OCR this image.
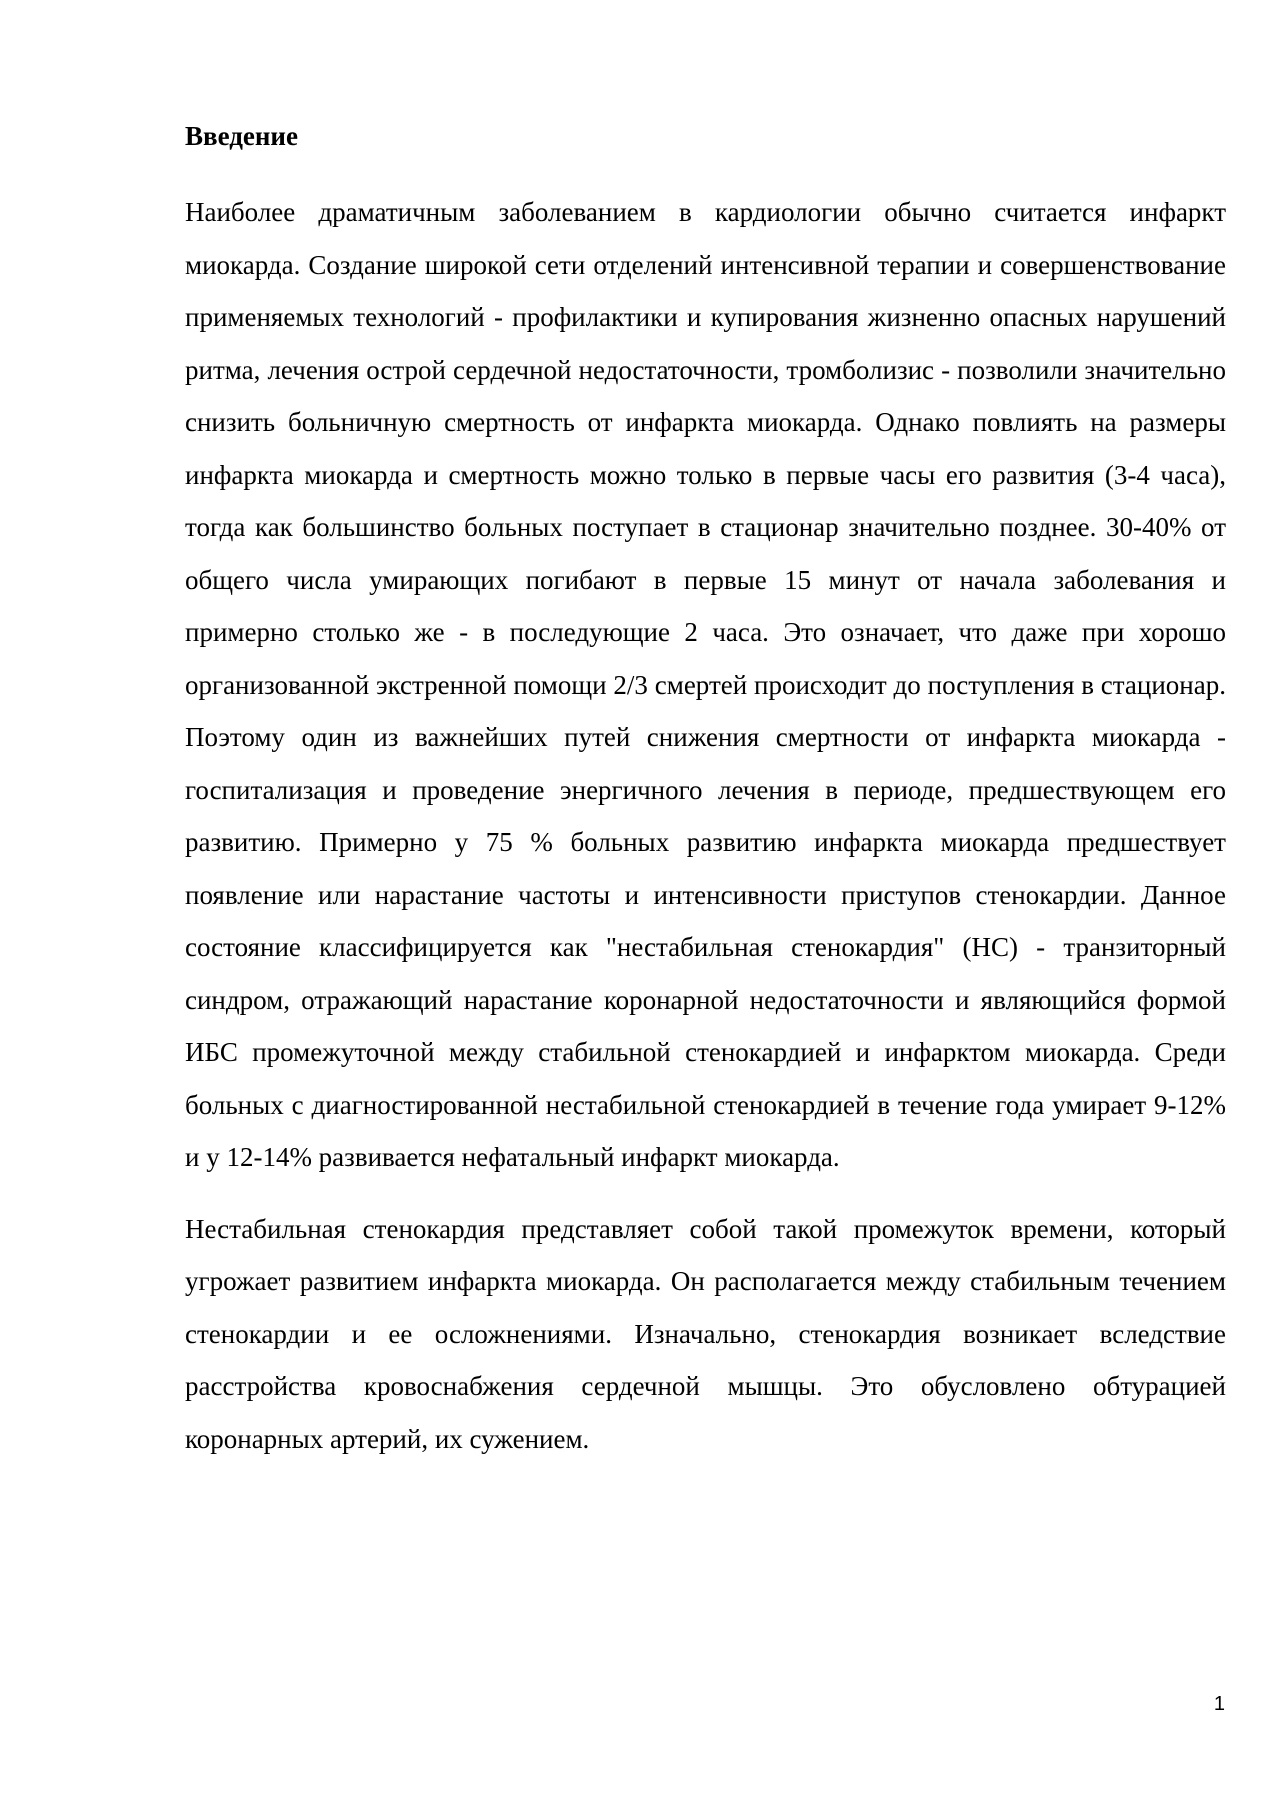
Введение

Наиболее драматичным заболеванием в кардиологии обычно считается инфаркт миокарда. Создание широкой сети отделений интенсивной терапии и совершенствование применяемых технологий - профилактики и купирования жизненно опасных нарушений ритма, лечения острой сердечной недостаточности, тромболизис - позволили значительно снизить больничную смертность от инфаркта миокарда. Однако повлиять на размеры инфаркта миокарда и смертность можно только в первые часы его развития (3-4 часа), тогда как большинство больных поступает в стационар значительно позднее. 30-40% от общего числа умирающих погибают в первые 15 минут от начала заболевания и примерно столько же - в последующие 2 часа. Это означает, что даже при хорошо организованной экстренной помощи 2/3 смертей происходит до поступления в стационар. Поэтому один из важнейших путей снижения смертности от инфаркта миокарда - госпитализация и проведение энергичного лечения в периоде, предшествующем его развитию. Примерно у 75 % больных развитию инфаркта миокарда предшествует появление или нарастание частоты и интенсивности приступов стенокардии. Данное состояние классифицируется как "нестабильная стенокардия" (НС) - транзиторный синдром, отражающий нарастание коронарной недостаточности и являющийся формой ИБС промежуточной между стабильной стенокардией и инфарктом миокарда. Среди больных с диагностированной нестабильной стенокардией в течение года умирает 9-12% и у 12-14% развивается нефатальный инфаркт миокарда.

Нестабильная стенокардия представляет собой такой промежуток времени, который угрожает развитием инфаркта миокарда. Он располагается между стабильным течением стенокардии и ее осложнениями. Изначально, стенокардия возникает вследствие расстройства кровоснабжения сердечной мышцы. Это обусловлено обтурацией коронарных артерий, их сужением.

1
